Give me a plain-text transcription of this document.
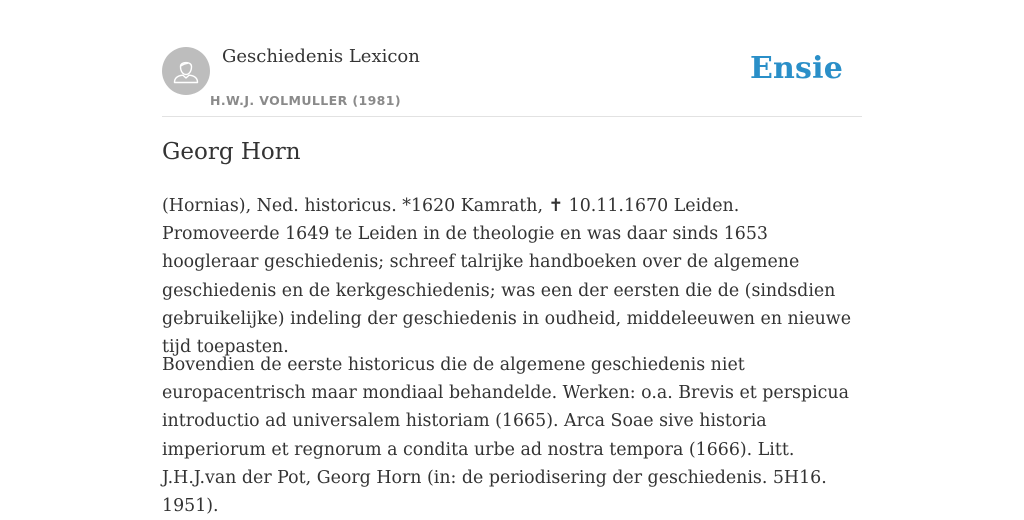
Geschiedenis Lexicon
H.W.J. VOLMULLER (1981)
Ensie
Georg Horn

(Hornias), Ned. historicus. *1620 Kamrath, ✝ 10.11.1670 Leiden. Promoveerde 1649 te Leiden in de theologie en was daar sinds 1653 hoogleraar geschiedenis; schreef talrijke handboeken over de algemene geschiedenis en de kerkgeschiedenis; was een der eersten die de (sindsdien gebruikelijke) indeling der geschiedenis in oudheid, middeleeuwen en nieuwe tijd toepasten.

Bovendien de eerste historicus die de algemene geschiedenis niet europacentrisch maar mondiaal behandelde. Werken: o.a. Brevis et perspicua introductio ad universalem historiam (1665). Arca Soae sive historia imperiorum et regnorum a condita urbe ad nostra tempora (1666). Litt. J.H.J.van der Pot, Georg Horn (in: de periodisering der geschiedenis. 5H16. 1951).
